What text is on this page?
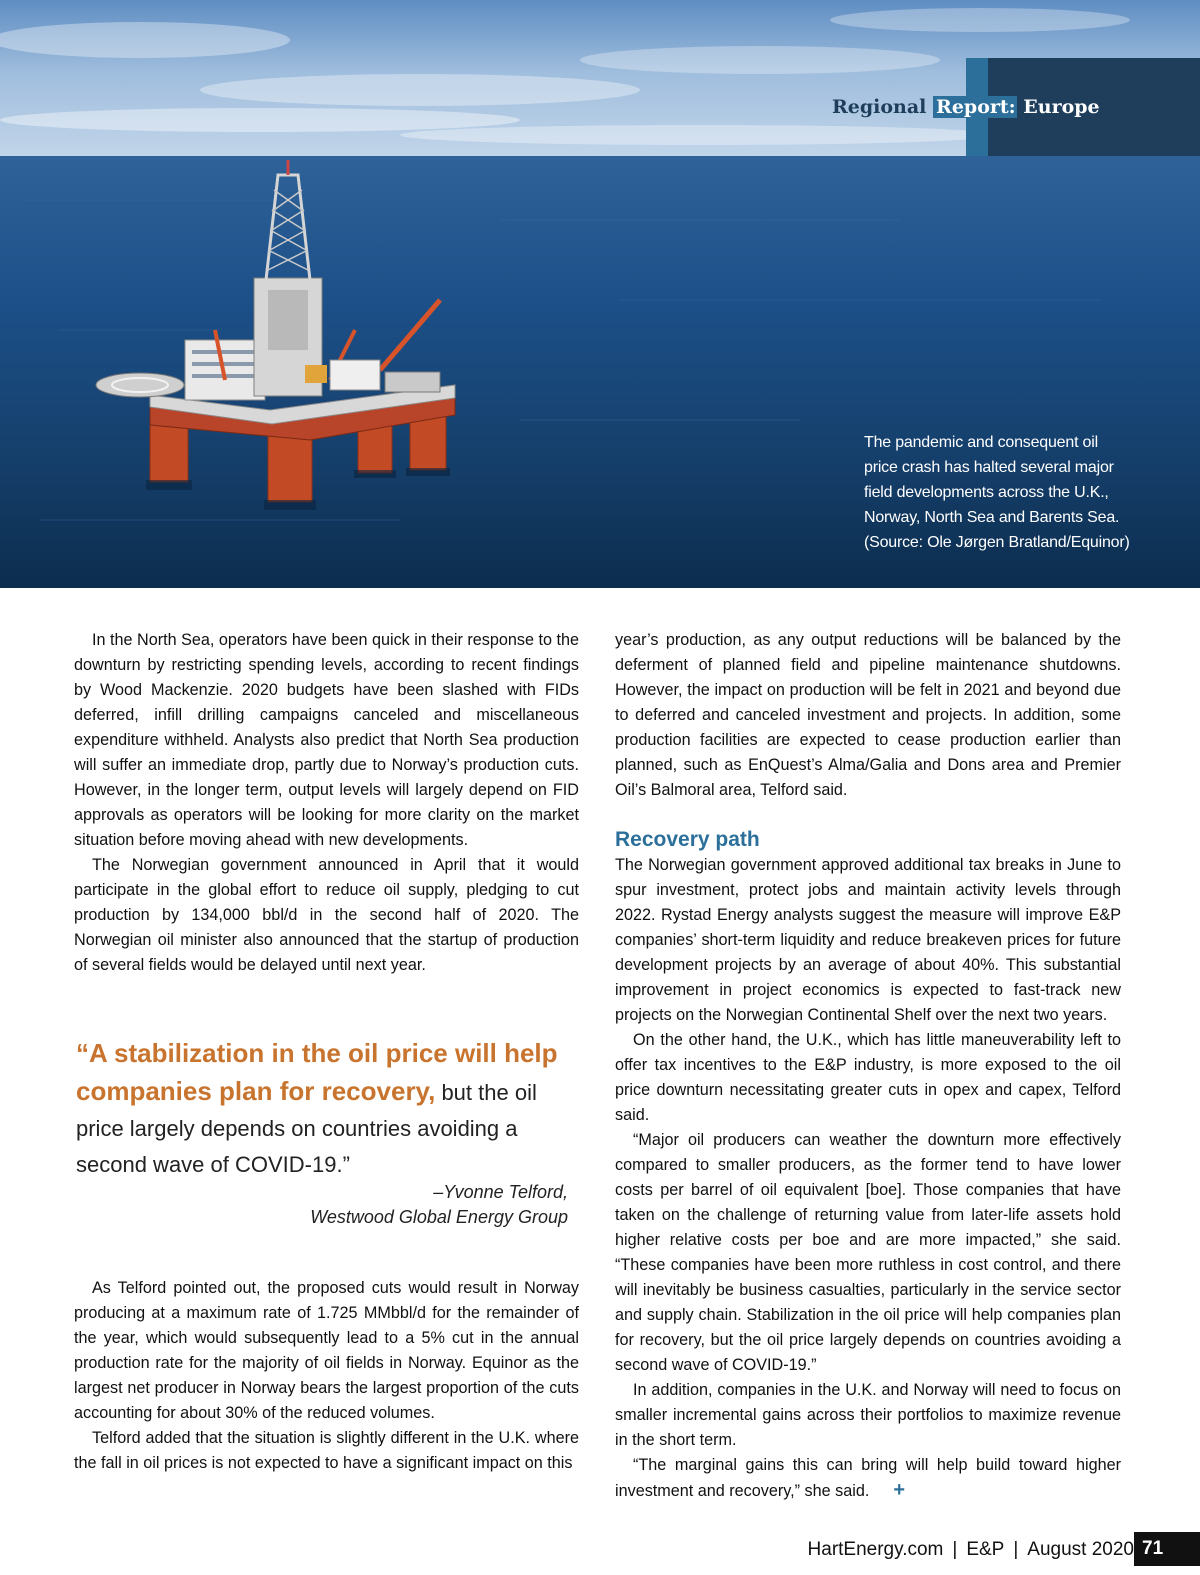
Regional Report: Europe
The pandemic and consequent oil
price crash has halted several major
field developments across the U.K.,
Norway, North Sea and Barents Sea.
(Source: Ole Jørgen Bratland/Equinor)

In the North Sea, operators have been quick in their response to the downturn by restricting spending levels, according to recent findings by Wood Mackenzie. 2020 budgets have been slashed with FIDs deferred, infill drilling campaigns canceled and miscellaneous expenditure withheld. Analysts also predict that North Sea production will suffer an immediate drop, partly due to Norway’s production cuts. However, in the longer term, output levels will largely depend on FID approvals as operators will be looking for more clarity on the market situation before moving ahead with new developments.

The Norwegian government announced in April that it would participate in the global effort to reduce oil supply, pledging to cut production by 134,000 bbl/d in the second half of 2020. The Norwegian oil minister also announced that the startup of production of several fields would be delayed until next year.

“A stabilization in the oil price will help companies plan for recovery, but the oil price largely depends on countries avoiding a second wave of COVID-19.”
–Yvonne Telford,
Westwood Global Energy Group

As Telford pointed out, the proposed cuts would result in Norway producing at a maximum rate of 1.725 MMbbl/d for the remainder of the year, which would subsequently lead to a 5% cut in the annual production rate for the majority of oil fields in Norway. Equinor as the largest net producer in Norway bears the largest proportion of the cuts accounting for about 30% of the reduced volumes.

Telford added that the situation is slightly different in the U.K. where the fall in oil prices is not expected to have a significant impact on this

year’s production, as any output reductions will be balanced by the deferment of planned field and pipeline maintenance shutdowns. However, the impact on production will be felt in 2021 and beyond due to deferred and canceled investment and projects. In addition, some production facilities are expected to cease production earlier than planned, such as EnQuest’s Alma/Galia and Dons area and Premier Oil’s Balmoral area, Telford said.

Recovery path

The Norwegian government approved additional tax breaks in June to spur investment, protect jobs and maintain activity levels through 2022. Rystad Energy analysts suggest the measure will improve E&P companies’ short-term liquidity and reduce breakeven prices for future development projects by an average of about 40%. This substantial improvement in project economics is expected to fast-track new projects on the Norwegian Continental Shelf over the next two years.

On the other hand, the U.K., which has little maneuverability left to offer tax incentives to the E&P industry, is more exposed to the oil price downturn necessitating greater cuts in opex and capex, Telford said.

“Major oil producers can weather the downturn more effectively compared to smaller producers, as the former tend to have lower costs per barrel of oil equivalent [boe]. Those companies that have taken on the challenge of returning value from later-life assets hold higher relative costs per boe and are more impacted,” she said. “These companies have been more ruthless in cost control, and there will inevitably be business casualties, particularly in the service sector and supply chain. Stabilization in the oil price will help companies plan for recovery, but the oil price largely depends on countries avoiding a second wave of COVID-19.”

In addition, companies in the U.K. and Norway will need to focus on smaller incremental gains across their portfolios to maximize revenue in the short term.

“The marginal gains this can bring will help build toward higher investment and recovery,” she said. +

HartEnergy.com | E&P | August 2020 71
